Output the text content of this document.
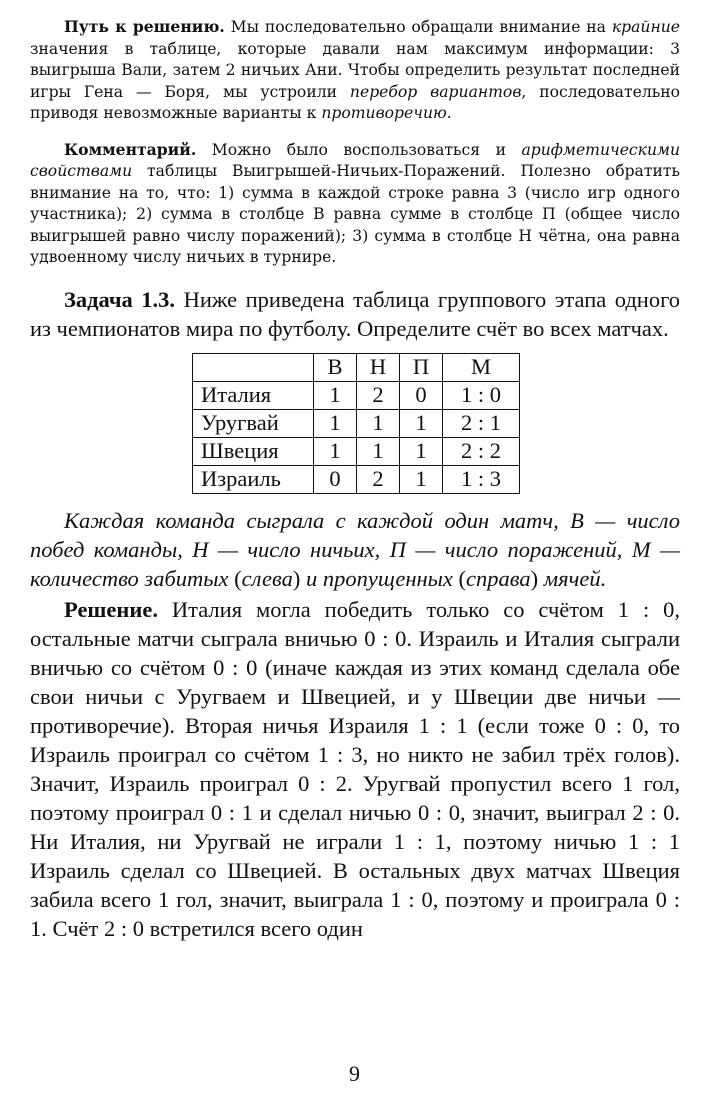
Путь к решению. Мы последовательно обращали внимание на крайние значения в таблице, которые давали нам максимум информации: 3 выигрыша Вали, затем 2 ничьих Ани. Чтобы определить результат последней игры Гена — Боря, мы устроили перебор вариантов, последовательно приводя невозможные варианты к противоречию.

Комментарий. Можно было воспользоваться и арифметическими свойствами таблицы Выигрышей-Ничьих-Поражений. Полезно обратить внимание на то, что: 1) сумма в каждой строке равна 3 (число игр одного участника); 2) сумма в столбце В равна сумме в столбце П (общее число выигрышей равно числу поражений); 3) сумма в столбце Н чётна, она равна удвоенному числу ничьих в турнире.

Задача 1.3. Ниже приведена таблица группового этапа одного из чемпионатов мира по футболу. Определите счёт во всех матчах.

	В	Н	П	М
Италия	1	2	0	1 : 0
Уругвай	1	1	1	2 : 1
Швеция	1	1	1	2 : 2
Израиль	0	2	1	1 : 3

Каждая команда сыграла с каждой один матч, В — число побед команды, Н — число ничьих, П — число поражений, М — количество забитых (слева) и пропущенных (справа) мячей.

Решение. Италия могла победить только со счётом 1 : 0, остальные матчи сыграла вничью 0 : 0. Израиль и Италия сыграли вничью со счётом 0 : 0 (иначе каждая из этих команд сделала обе свои ничьи с Уругваем и Швецией, и у Швеции две ничьи — противоречие). Вторая ничья Израиля 1 : 1 (если тоже 0 : 0, то Израиль проиграл со счётом 1 : 3, но никто не забил трёх голов). Значит, Израиль проиграл 0 : 2. Уругвай пропустил всего 1 гол, поэтому проиграл 0 : 1 и сделал ничью 0 : 0, значит, выиграл 2 : 0. Ни Италия, ни Уругвай не играли 1 : 1, поэтому ничью 1 : 1 Израиль сделал со Швецией. В остальных двух матчах Швеция забила всего 1 гол, значит, выиграла 1 : 0, поэтому и проиграла 0 : 1. Счёт 2 : 0 встретился всего один

9
